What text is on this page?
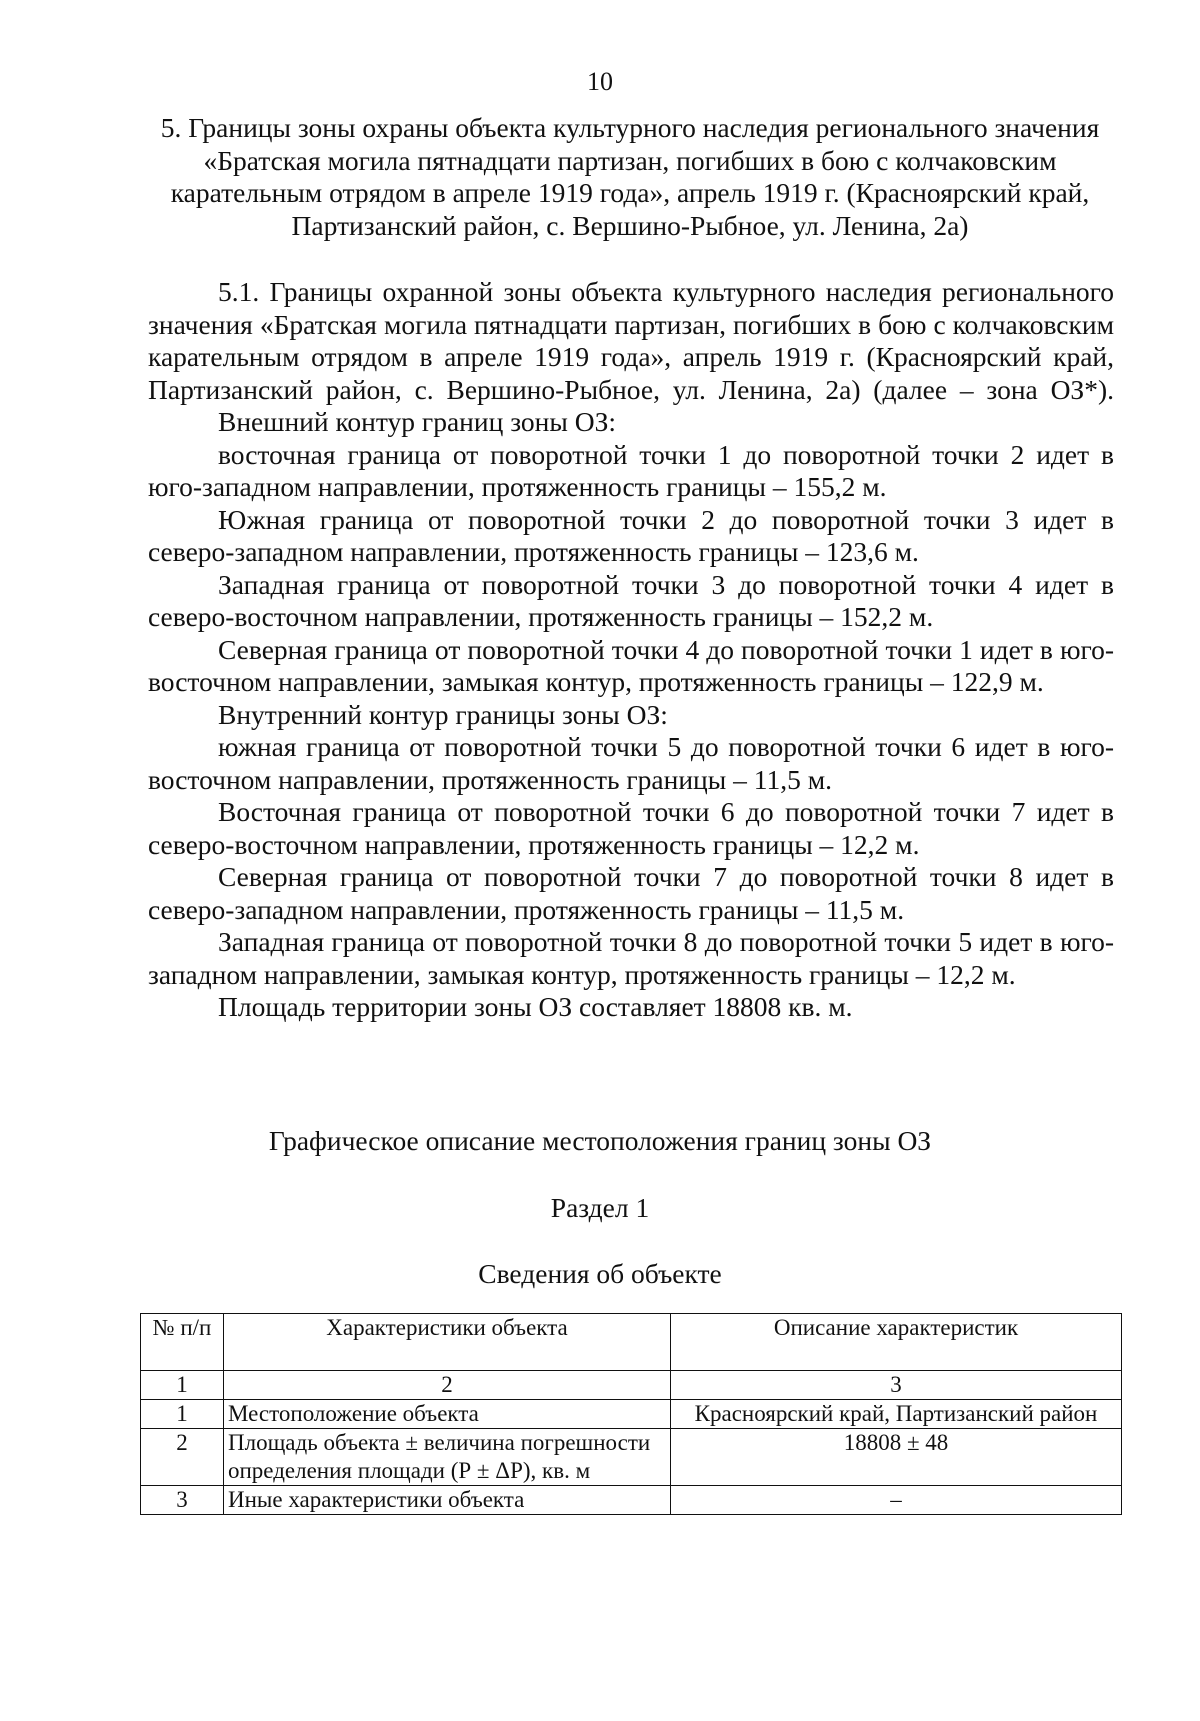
10
5. Границы зоны охраны объекта культурного наследия регионального значения «Братская могила пятнадцати партизан, погибших в бою с колчаковским карательным отрядом в апреле 1919 года», апрель 1919 г. (Красноярский край, Партизанский район, с. Вершино-Рыбное, ул. Ленина, 2а)

5.1. Границы охранной зоны объекта культурного наследия регионального значения «Братская могила пятнадцати партизан, погибших в бою с колчаковским карательным отрядом в апреле 1919 года», апрель 1919 г. (Красноярский край, Партизанский район, с. Вершино-Рыбное, ул. Ленина, 2а) (далее – зона ОЗ*).

Внешний контур границ зоны ОЗ:

восточная граница от поворотной точки 1 до поворотной точки 2 идет в юго-западном направлении, протяженность границы – 155,2 м.

Южная граница от поворотной точки 2 до поворотной точки 3 идет в северо-западном направлении, протяженность границы – 123,6 м.

Западная граница от поворотной точки 3 до поворотной точки 4 идет в северо-восточном направлении, протяженность границы – 152,2 м.

Северная граница от поворотной точки 4 до поворотной точки 1 идет в юго-восточном направлении, замыкая контур, протяженность границы – 122,9 м.

Внутренний контур границы зоны ОЗ:

южная граница от поворотной точки 5 до поворотной точки 6 идет в юго-восточном направлении, протяженность границы – 11,5 м.

Восточная граница от поворотной точки 6 до поворотной точки 7 идет в северо-восточном направлении, протяженность границы – 12,2 м.

Северная граница от поворотной точки 7 до поворотной точки 8 идет в северо-западном направлении, протяженность границы – 11,5 м.

Западная граница от поворотной точки 8 до поворотной точки 5 идет в юго-западном направлении, замыкая контур, протяженность границы – 12,2 м.

Площадь территории зоны ОЗ составляет 18808 кв. м.

Графическое описание местоположения границ зоны ОЗ
Раздел 1
Сведения об объекте
№ п/п	Характеристики объекта	Описание характеристик
1	2	3
1	Местоположение объекта	Красноярский край, Партизанский район
2	Площадь объекта ± величина погрешности определения площади (Р ± ΔР), кв. м	18808 ± 48
3	Иные характеристики объекта	–
